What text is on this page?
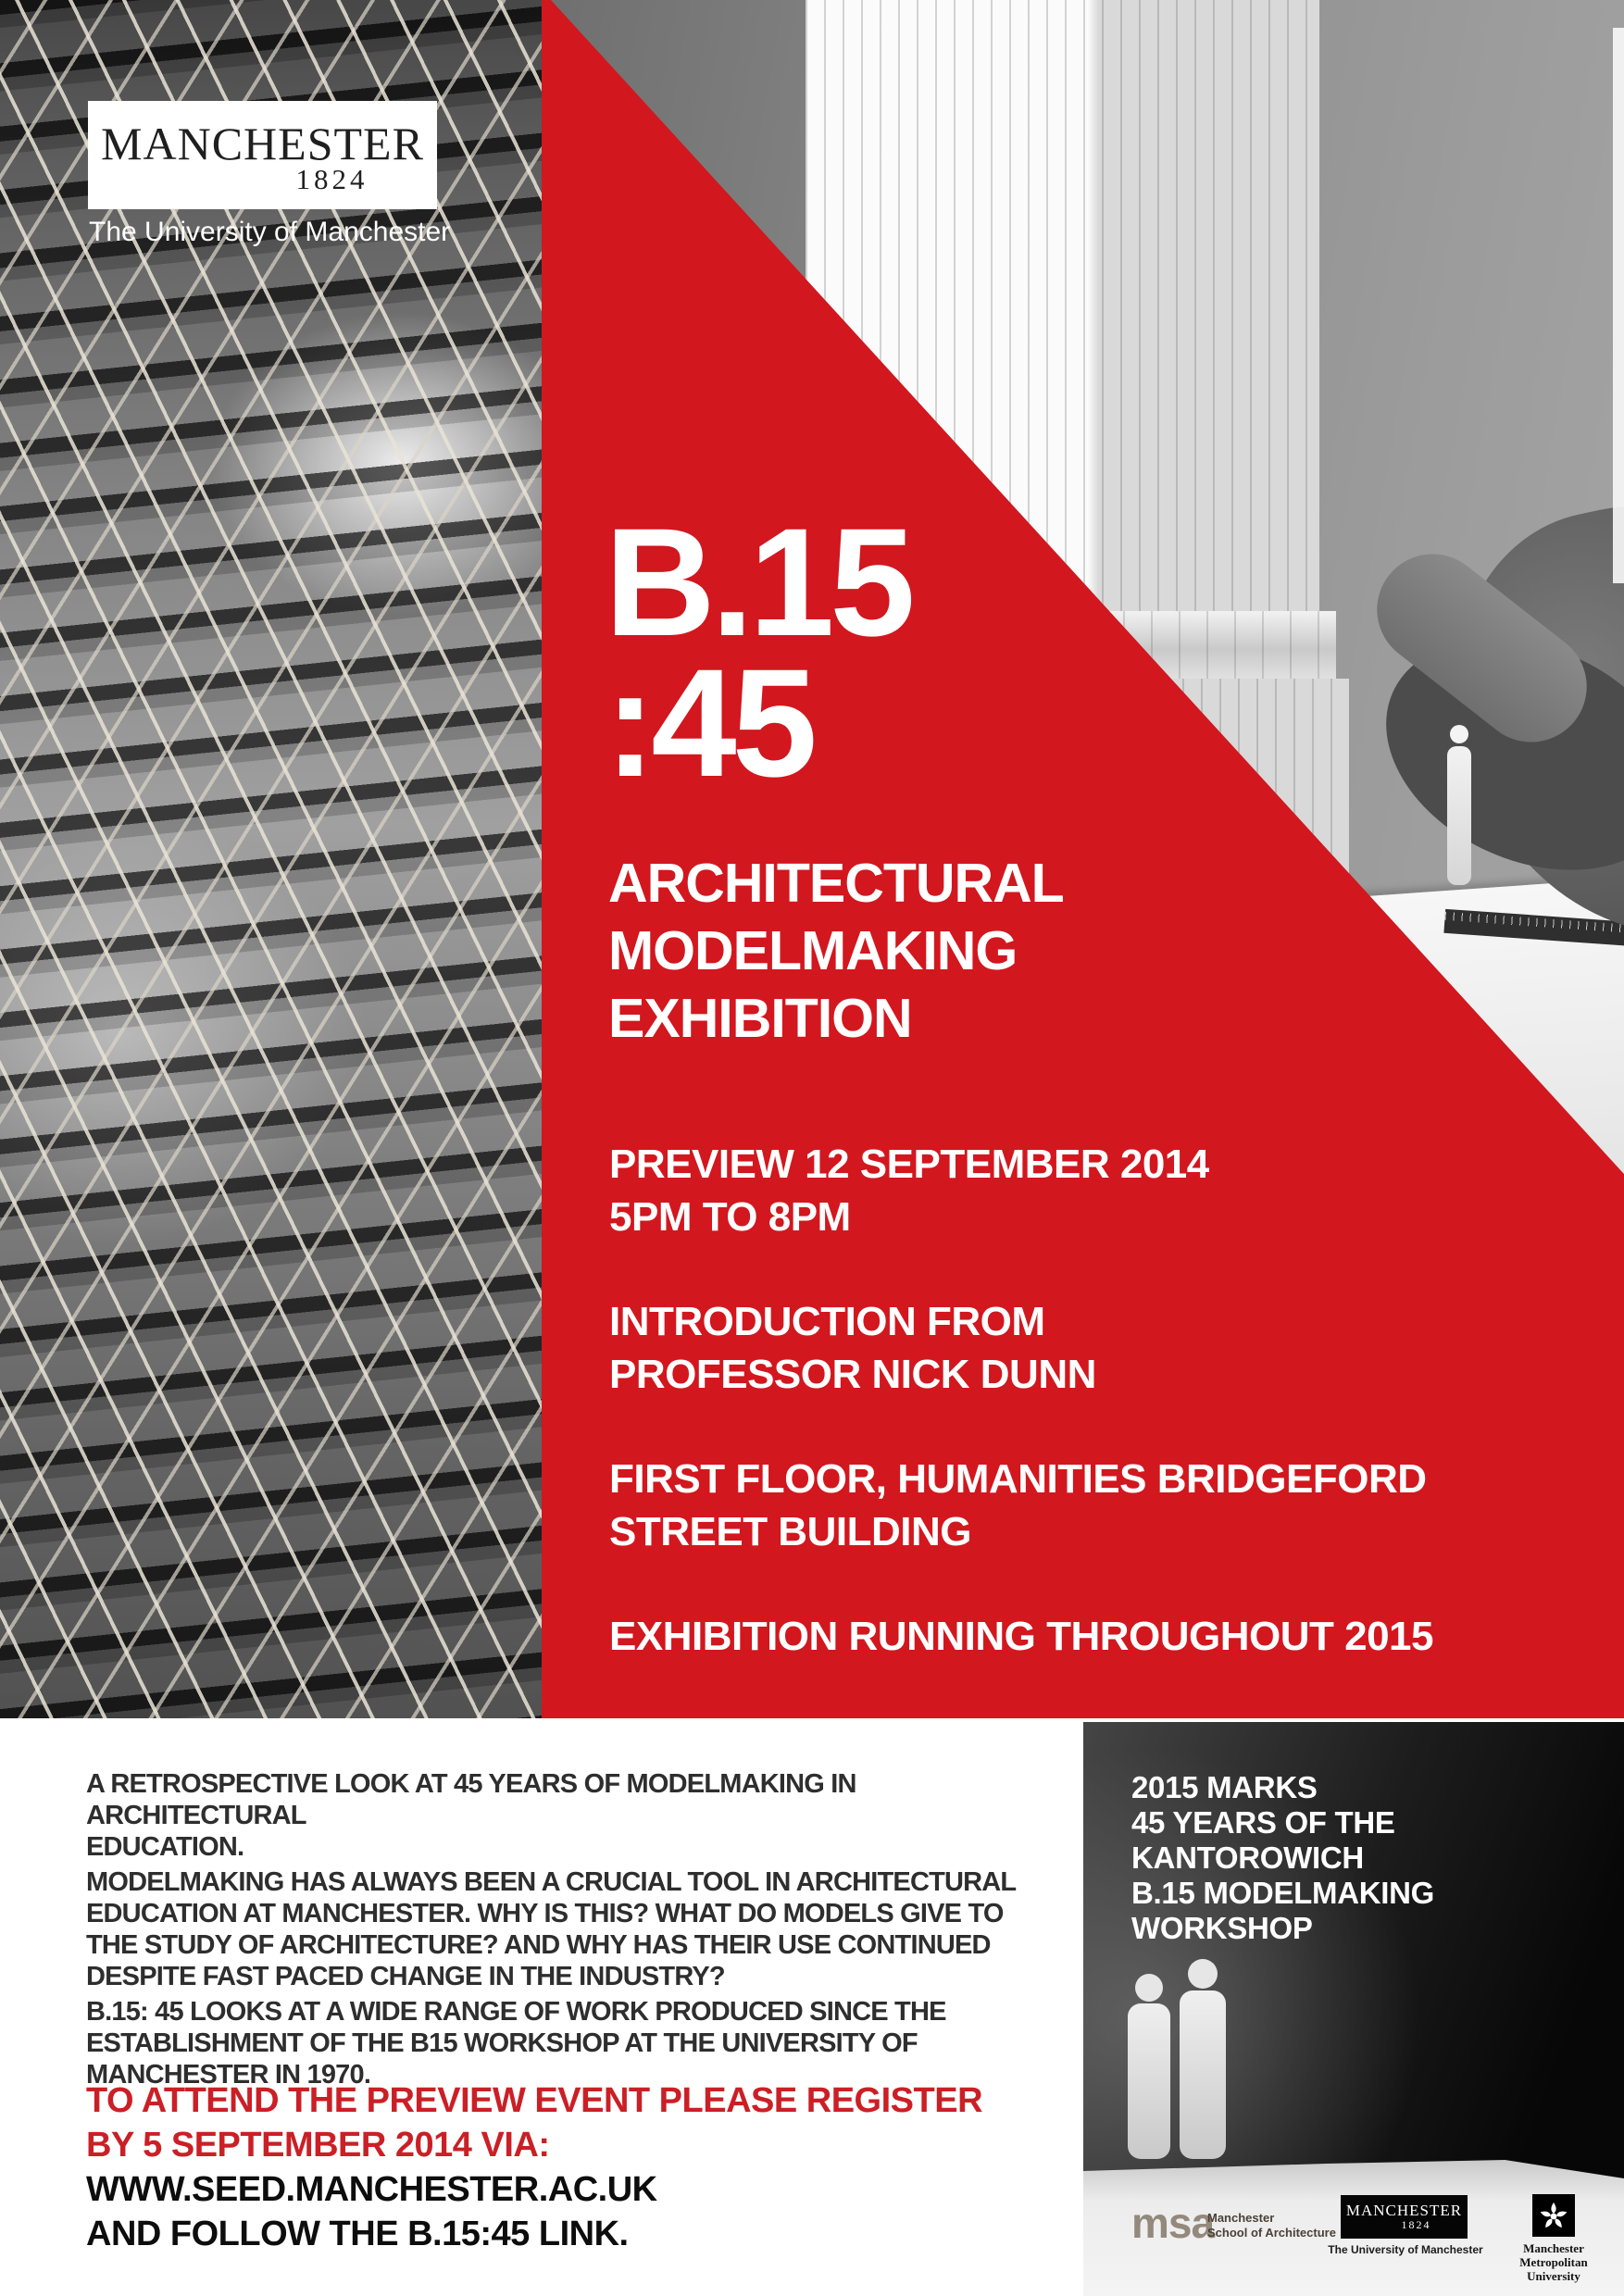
MANCHESTER
1824
The University of Manchester
B.15
:45
ARCHITECTURAL
MODELMAKING
EXHIBITION
PREVIEW 12 SEPTEMBER 2014
5PM TO 8PM
INTRODUCTION FROM
PROFESSOR NICK DUNN
FIRST FLOOR, HUMANITIES BRIDGEFORD
STREET BUILDING
EXHIBITION RUNNING THROUGHOUT 2015
A RETROSPECTIVE LOOK AT 45 YEARS OF MODELMAKING IN ARCHITECTURAL
EDUCATION.
MODELMAKING HAS ALWAYS BEEN A CRUCIAL TOOL IN ARCHITECTURAL
EDUCATION AT MANCHESTER. WHY IS THIS? WHAT DO MODELS GIVE TO
THE STUDY OF ARCHITECTURE? AND WHY HAS THEIR USE CONTINUED
DESPITE FAST PACED CHANGE IN THE INDUSTRY?
B.15: 45 LOOKS AT A WIDE RANGE OF WORK PRODUCED SINCE THE
ESTABLISHMENT OF THE B15 WORKSHOP AT THE UNIVERSITY OF
MANCHESTER IN 1970.
TO ATTEND THE PREVIEW EVENT PLEASE REGISTER
BY 5 SEPTEMBER 2014 VIA:
WWW.SEED.MANCHESTER.AC.UK
AND FOLLOW THE B.15:45 LINK.
2015 MARKS
45 YEARS OF THE
KANTOROWICH
B.15 MODELMAKING
WORKSHOP
msa
Manchester
School of Architecture
MANCHESTER
1824
The University of Manchester	Manchester
Metropolitan
University
